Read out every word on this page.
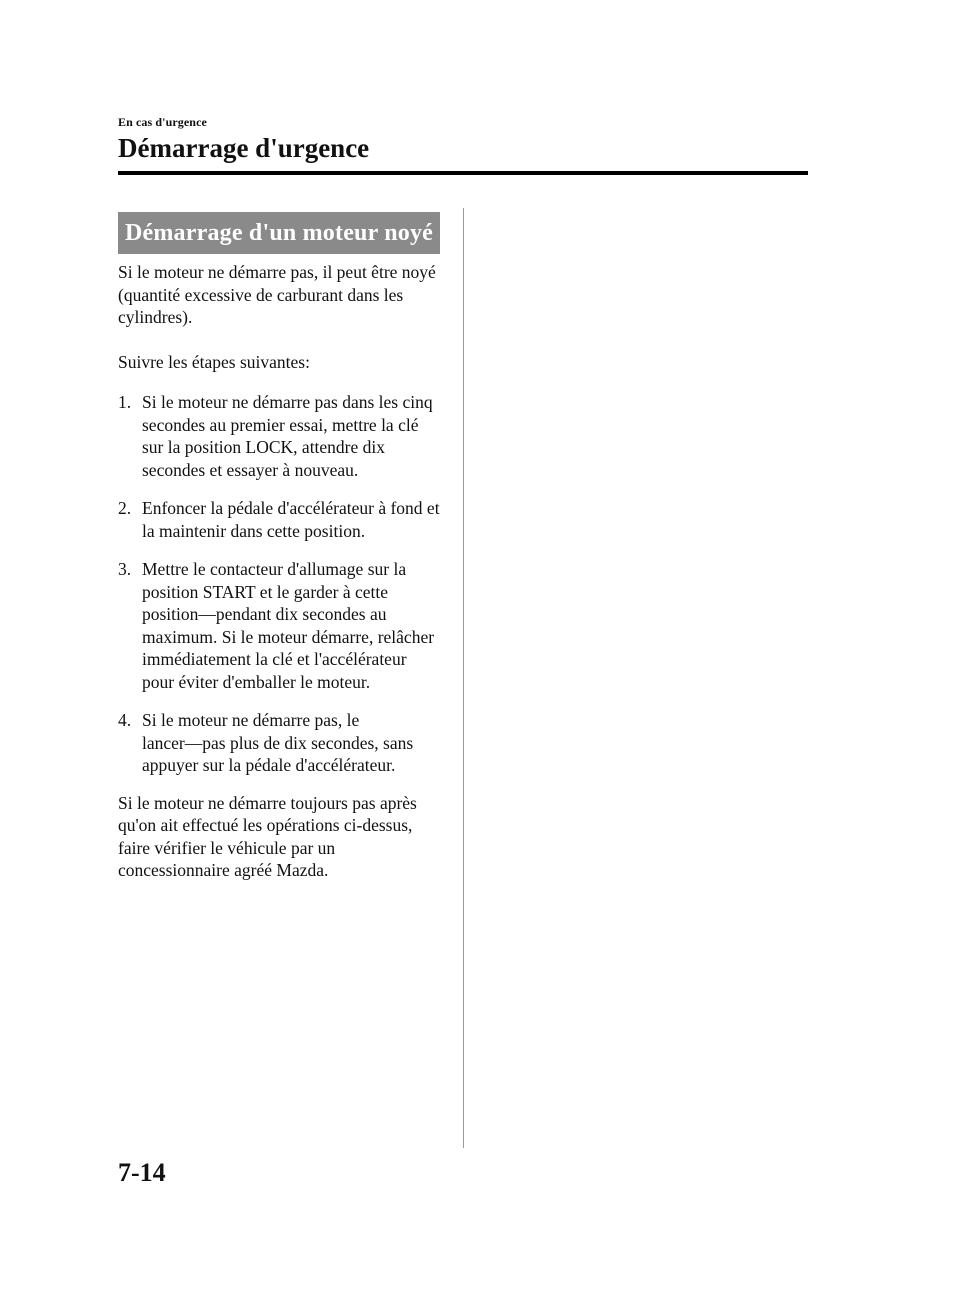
En cas d'urgence
Démarrage d'urgence
Démarrage d'un moteur noyé

Si le moteur ne démarre pas, il peut être noyé (quantité excessive de carburant dans les cylindres).

Suivre les étapes suivantes:

1. Si le moteur ne démarre pas dans les cinq secondes au premier essai, mettre la clé sur la position LOCK, attendre dix secondes et essayer à nouveau.
2. Enfoncer la pédale d'accélérateur à fond et la maintenir dans cette position.
3. Mettre le contacteur d'allumage sur la position START et le garder à cette position―pendant dix secondes au maximum. Si le moteur démarre, relâcher immédiatement la clé et l'accélérateur pour éviter d'emballer le moteur.
4. Si le moteur ne démarre pas, le lancer―pas plus de dix secondes, sans appuyer sur la pédale d'accélérateur.

Si le moteur ne démarre toujours pas après qu'on ait effectué les opérations ci-dessus, faire vérifier le véhicule par un concessionnaire agréé Mazda.

7-14
